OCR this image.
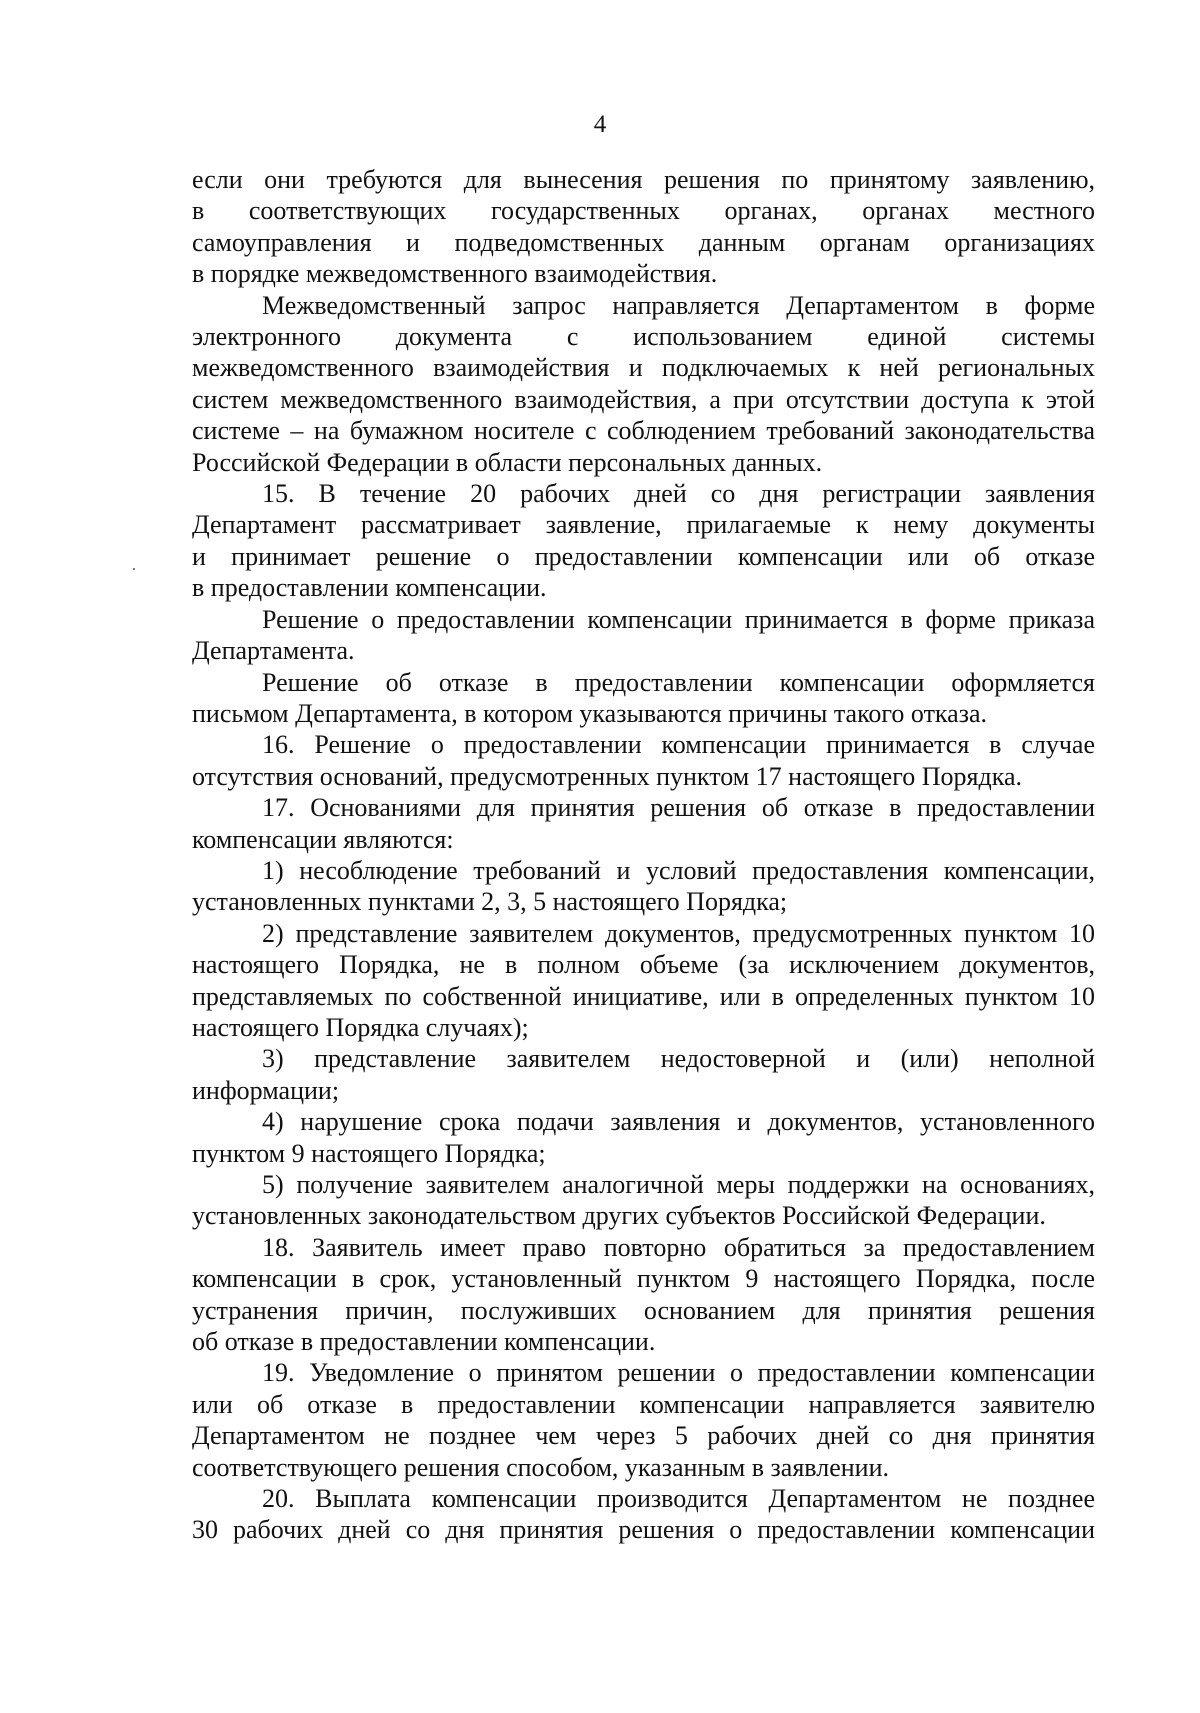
4

если они требуются для вынесения решения по принятому заявлению,
в соответствующих государственных органах, органах местного
самоуправления и подведомственных данным органам организациях
в порядке межведомственного взаимодействия.

Межведомственный запрос направляется Департаментом в форме
электронного документа с использованием единой системы
межведомственного взаимодействия и подключаемых к ней региональных
систем межведомственного взаимодействия, а при отсутствии доступа к этой
системе – на бумажном носителе с соблюдением требований законодательства
Российской Федерации в области персональных данных.

15. В течение 20 рабочих дней со дня регистрации заявления
Департамент рассматривает заявление, прилагаемые к нему документы
и принимает решение о предоставлении компенсации или об отказе
в предоставлении компенсации.

Решение о предоставлении компенсации принимается в форме приказа
Департамента.

Решение об отказе в предоставлении компенсации оформляется
письмом Департамента, в котором указываются причины такого отказа.

16. Решение о предоставлении компенсации принимается в случае
отсутствия оснований, предусмотренных пунктом 17 настоящего Порядка.

17. Основаниями для принятия решения об отказе в предоставлении
компенсации являются:

1) несоблюдение требований и условий предоставления компенсации,
установленных пунктами 2, 3, 5 настоящего Порядка;

2) представление заявителем документов, предусмотренных пунктом 10
настоящего Порядка, не в полном объеме (за исключением документов,
представляемых по собственной инициативе, или в определенных пунктом 10
настоящего Порядка случаях);

3) представление заявителем недостоверной и (или) неполной
информации;

4) нарушение срока подачи заявления и документов, установленного
пунктом 9 настоящего Порядка;

5) получение заявителем аналогичной меры поддержки на основаниях,
установленных законодательством других субъектов Российской Федерации.

18. Заявитель имеет право повторно обратиться за предоставлением
компенсации в срок, установленный пунктом 9 настоящего Порядка, после
устранения причин, послуживших основанием для принятия решения
об отказе в предоставлении компенсации.

19. Уведомление о принятом решении о предоставлении компенсации
или об отказе в предоставлении компенсации направляется заявителю
Департаментом не позднее чем через 5 рабочих дней со дня принятия
соответствующего решения способом, указанным в заявлении.

20. Выплата компенсации производится Департаментом не позднее
30 рабочих дней со дня принятия решения о предоставлении компенсации
